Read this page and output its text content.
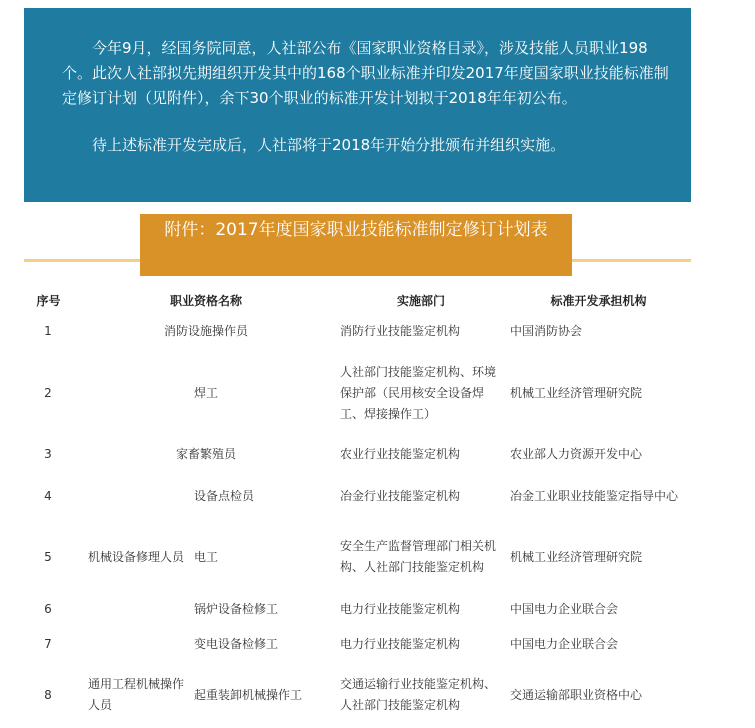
今年9月，经国务院同意，人社部公布《国家职业资格目录》，涉及技能人员职业198个。此次人社部拟先期组织开发其中的168个职业标准并印发2017年度国家职业技能标准制定修订计划（见附件），余下30个职业的标准开发计划拟于2018年年初公布。

待上述标准开发完成后，人社部将于2018年开始分批颁布并组织实施。

附件：2017年度国家职业技能标准制定修订计划表
序号	职业资格名称		实施部门	标准开发承担机构
1	消防设施操作员		消防行业技能鉴定机构	中国消防协会
2	焊工		人社部门技能鉴定机构、环境保护部（民用核安全设备焊工、焊接操作工）	机械工业经济管理研究院
3	家畜繁殖员		农业行业技能鉴定机构	农业部人力资源开发中心
4		设备点检员	冶金行业技能鉴定机构	冶金工业职业技能鉴定指导中心
5	机械设备修理人员	电工	安全生产监督管理部门相关机构、人社部门技能鉴定机构	机械工业经济管理研究院
6		锅炉设备检修工	电力行业技能鉴定机构	中国电力企业联合会
7		变电设备检修工	电力行业技能鉴定机构	中国电力企业联合会
8	通用工程机械操作人员	起重装卸机械操作工	交通运输行业技能鉴定机构、人社部门技能鉴定机构	交通运输部职业资格中心
